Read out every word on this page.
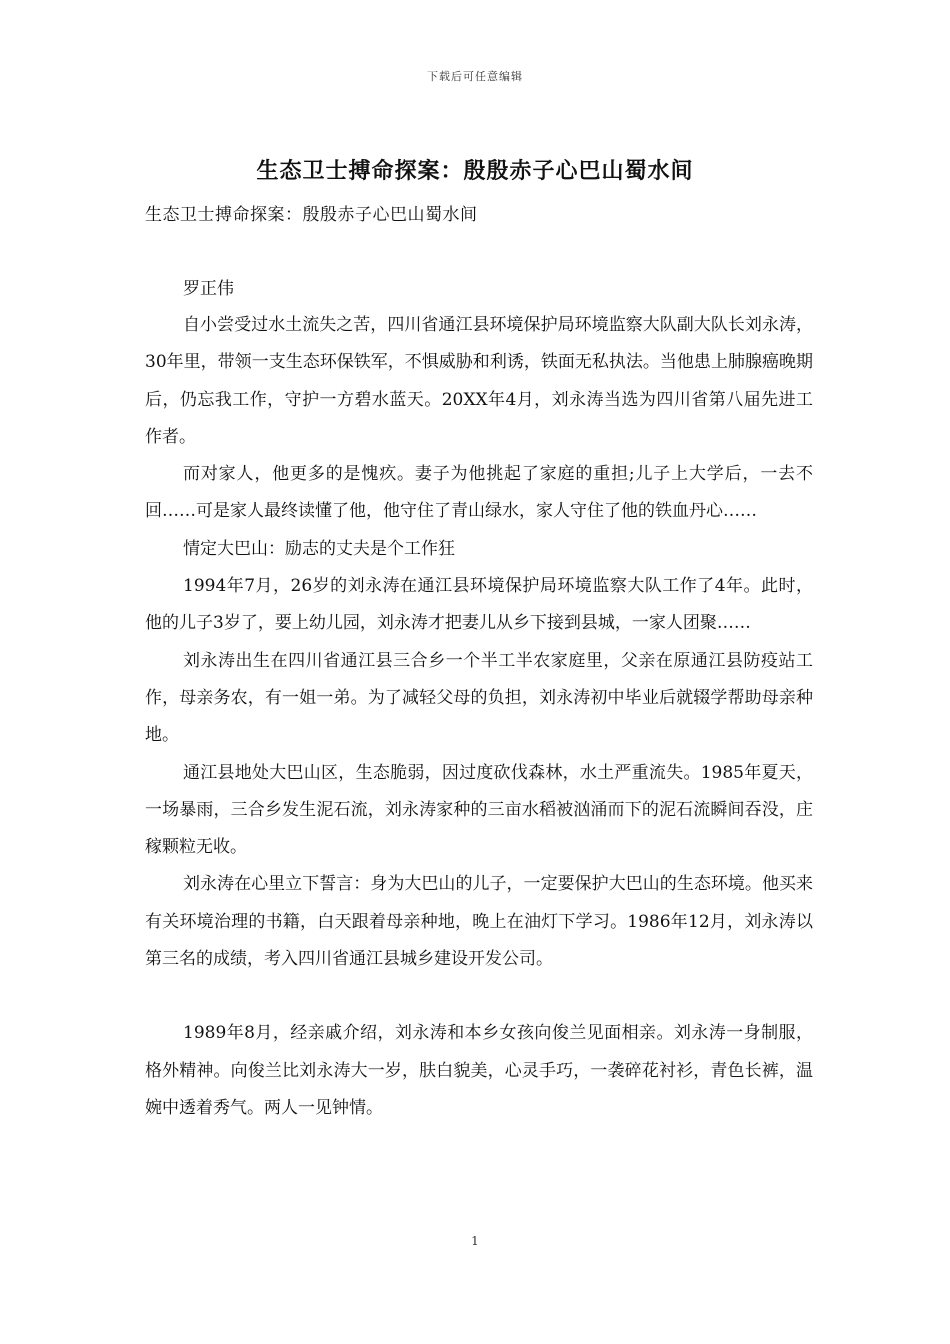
下载后可任意编辑
生态卫士搏命探案：殷殷赤子心巴山蜀水间
生态卫士搏命探案：殷殷赤子心巴山蜀水间
罗正伟

自小尝受过水土流失之苦，四川省通江县环境保护局环境监察大队副大队长刘永涛，30年里，带领一支生态环保铁军，不惧威胁和利诱，铁面无私执法。当他患上肺腺癌晚期后，仍忘我工作，守护一方碧水蓝天。20XX年4月，刘永涛当选为四川省第八届先进工作者。

而对家人，他更多的是愧疚。妻子为他挑起了家庭的重担;儿子上大学后，一去不回……可是家人最终读懂了他，他守住了青山绿水，家人守住了他的铁血丹心……

情定大巴山：励志的丈夫是个工作狂

1994年7月，26岁的刘永涛在通江县环境保护局环境监察大队工作了4年。此时，他的儿子3岁了，要上幼儿园，刘永涛才把妻儿从乡下接到县城，一家人团聚……

刘永涛出生在四川省通江县三合乡一个半工半农家庭里，父亲在原通江县防疫站工作，母亲务农，有一姐一弟。为了减轻父母的负担，刘永涛初中毕业后就辍学帮助母亲种地。

通江县地处大巴山区，生态脆弱，因过度砍伐森林，水土严重流失。1985年夏天，一场暴雨，三合乡发生泥石流，刘永涛家种的三亩水稻被汹涌而下的泥石流瞬间吞没，庄稼颗粒无收。

刘永涛在心里立下誓言：身为大巴山的儿子，一定要保护大巴山的生态环境。他买来有关环境治理的书籍，白天跟着母亲种地，晚上在油灯下学习。1986年12月，刘永涛以第三名的成绩，考入四川省通江县城乡建设开发公司。

1989年8月，经亲戚介绍，刘永涛和本乡女孩向俊兰见面相亲。刘永涛一身制服，格外精神。向俊兰比刘永涛大一岁，肤白貌美，心灵手巧，一袭碎花衬衫，青色长裤，温婉中透着秀气。两人一见钟情。

1
